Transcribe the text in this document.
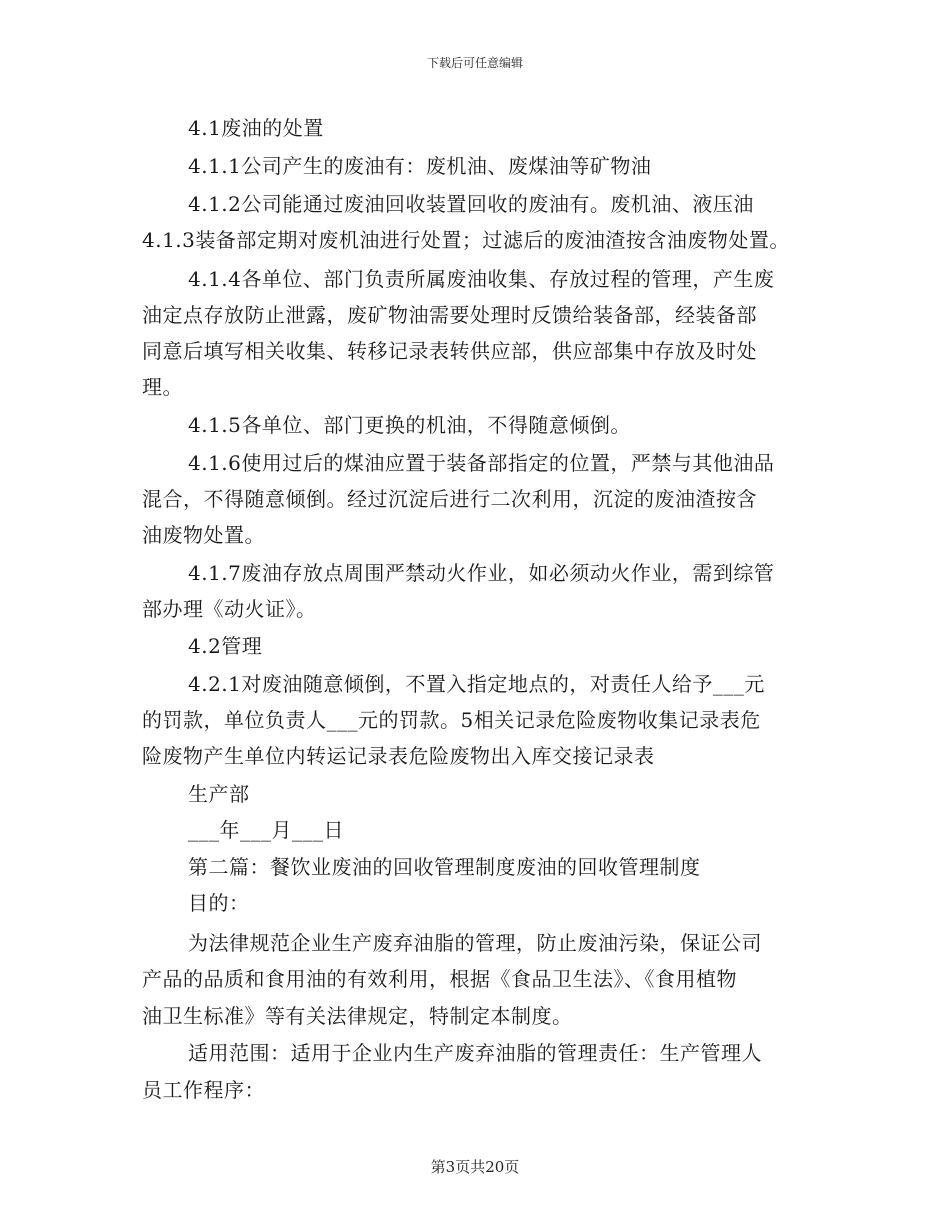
下载后可任意编辑
4.1废油的处置
4.1.1公司产生的废油有：废机油、废煤油等矿物油
4.1.2公司能通过废油回收装置回收的废油有。废机油、液压油
4.1.3装备部定期对废机油进行处置；过滤后的废油渣按含油废物处置。
4.1.4各单位、部门负责所属废油收集、存放过程的管理，产生废
油定点存放防止泄露，废矿物油需要处理时反馈给装备部，经装备部
同意后填写相关收集、转移记录表转供应部，供应部集中存放及时处
理。
4.1.5各单位、部门更换的机油，不得随意倾倒。
4.1.6使用过后的煤油应置于装备部指定的位置，严禁与其他油品
混合，不得随意倾倒。经过沉淀后进行二次利用，沉淀的废油渣按含
油废物处置。
4.1.7废油存放点周围严禁动火作业，如必须动火作业，需到综管
部办理《动火证》。
4.2管理
4.2.1对废油随意倾倒，不置入指定地点的，对责任人给予___元
的罚款，单位负责人___元的罚款。5相关记录危险废物收集记录表危
险废物产生单位内转运记录表危险废物出入库交接记录表
生产部
___年___月___日
第二篇：餐饮业废油的回收管理制度废油的回收管理制度
目的：
为法律规范企业生产废弃油脂的管理，防止废油污染，保证公司
产品的品质和食用油的有效利用，根据《食品卫生法》、《食用植物
油卫生标准》等有关法律规定，特制定本制度。
适用范围：适用于企业内生产废弃油脂的管理责任：生产管理人
员工作程序：
第3页共20页
